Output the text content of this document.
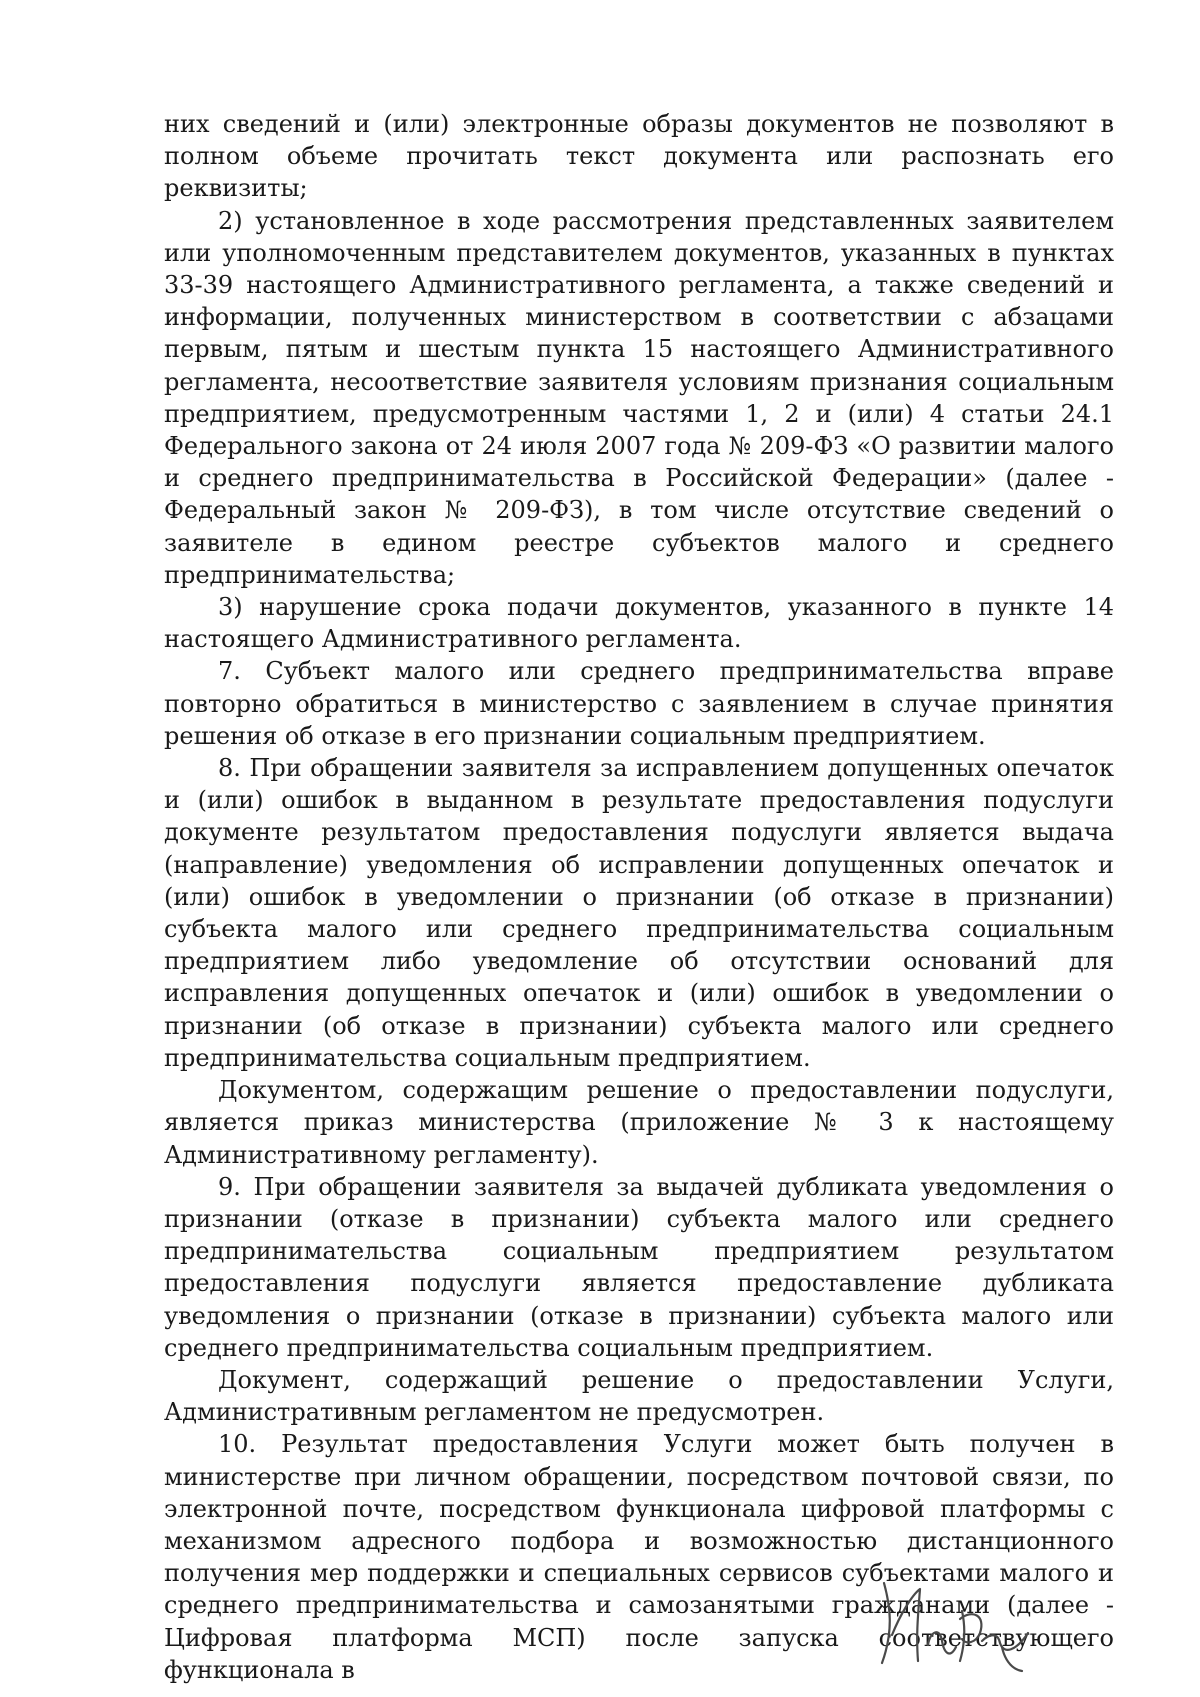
них сведений и (или) электронные образы документов не позволяют в полном объеме прочитать текст документа или распознать его реквизиты;

2) установленное в ходе рассмотрения представленных заявителем или уполномоченным представителем документов, указанных в пунктах 33-39 настоящего Административного регламента, а также сведений и информации, полученных министерством в соответствии с абзацами первым, пятым и шестым пункта 15 настоящего Административного регламента, несоответствие заявителя условиям признания социальным предприятием, предусмотренным частями 1, 2 и (или) 4 статьи 24.1 Федерального закона от 24 июля 2007 года № 209-ФЗ «О развитии малого и среднего предпринимательства в Российской Федерации» (далее - Федеральный закон № 209-ФЗ), в том числе отсутствие сведений о заявителе в едином реестре субъектов малого и среднего предпринимательства;

3) нарушение срока подачи документов, указанного в пункте 14 настоящего Административного регламента.

7. Субъект малого или среднего предпринимательства вправе повторно обратиться в министерство с заявлением в случае принятия решения об отказе в его признании социальным предприятием.

8. При обращении заявителя за исправлением допущенных опечаток и (или) ошибок в выданном в результате предоставления подуслуги документе результатом предоставления подуслуги является выдача (направление) уведомления об исправлении допущенных опечаток и (или) ошибок в уведомлении о признании (об отказе в признании) субъекта малого или среднего предпринимательства социальным предприятием либо уведомление об отсутствии оснований для исправления допущенных опечаток и (или) ошибок в уведомлении о признании (об отказе в признании) субъекта малого или среднего предпринимательства социальным предприятием.

Документом, содержащим решение о предоставлении подуслуги, является приказ министерства (приложение № 3 к настоящему Административному регламенту).

9. При обращении заявителя за выдачей дубликата уведомления о признании (отказе в признании) субъекта малого или среднего предпринимательства социальным предприятием результатом предоставления подуслуги является предоставление дубликата уведомления о признании (отказе в признании) субъекта малого или среднего предпринимательства социальным предприятием.

Документ, содержащий решение о предоставлении Услуги, Административным регламентом не предусмотрен.

10. Результат предоставления Услуги может быть получен в министерстве при личном обращении, посредством почтовой связи, по электронной почте, посредством функционала цифровой платформы с механизмом адресного подбора и возможностью дистанционного получения мер поддержки и специальных сервисов субъектами малого и среднего предпринимательства и самозанятыми гражданами (далее - Цифровая платформа МСП) после запуска соответствующего функционала в
